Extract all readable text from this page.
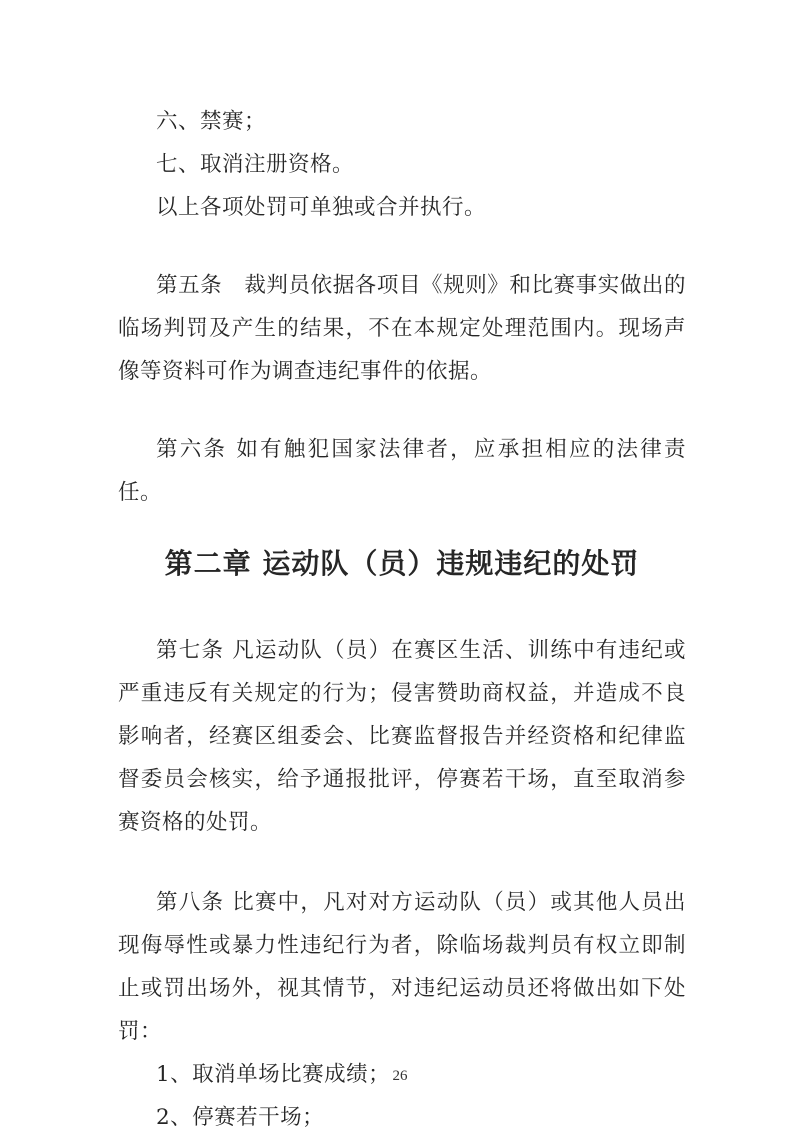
六、禁赛；

七、取消注册资格。

以上各项处罚可单独或合并执行。

第五条　裁判员依据各项目《规则》和比赛事实做出的临场判罚及产生的结果，不在本规定处理范围内。现场声像等资料可作为调查违纪事件的依据。

第六条 如有触犯国家法律者，应承担相应的法律责任。

第二章 运动队（员）违规违纪的处罚

第七条 凡运动队（员）在赛区生活、训练中有违纪或严重违反有关规定的行为；侵害赞助商权益，并造成不良影响者，经赛区组委会、比赛监督报告并经资格和纪律监督委员会核实，给予通报批评，停赛若干场，直至取消参赛资格的处罚。

第八条 比赛中，凡对对方运动队（员）或其他人员出现侮辱性或暴力性违纪行为者，除临场裁判员有权立即制止或罚出场外，视其情节，对违纪运动员还将做出如下处罚：

1、取消单场比赛成绩；

2、停赛若干场；

26
